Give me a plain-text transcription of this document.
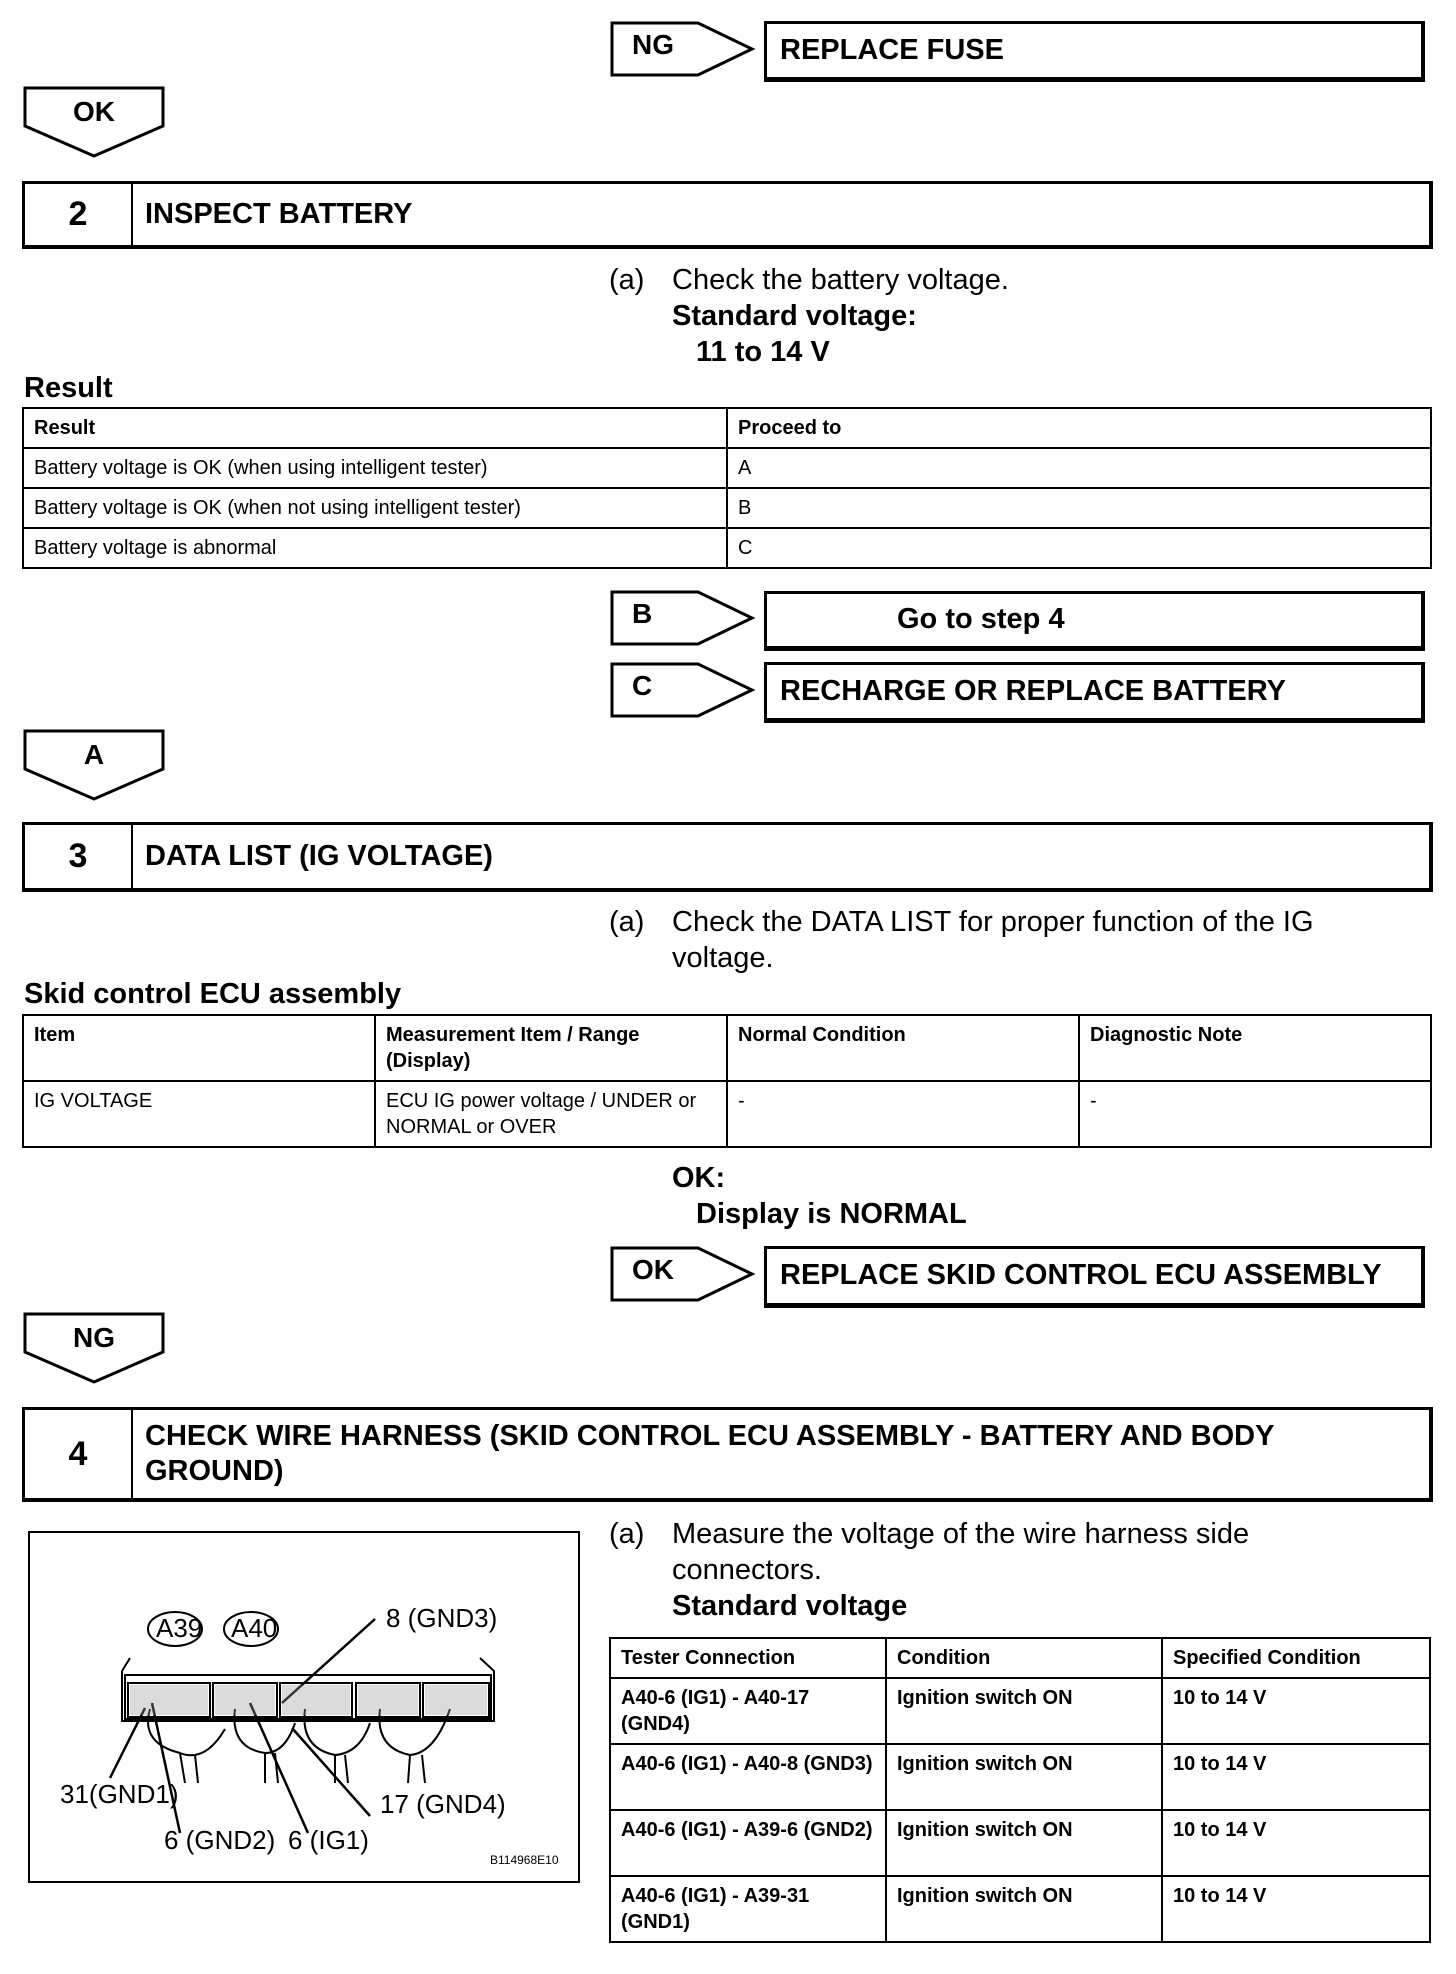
NG	REPLACE FUSE
OK
2	INSPECT BATTERY
(a) Check the battery voltage.
Standard voltage:
11 to 14 V
Result
Result	Proceed to
Battery voltage is OK (when using intelligent tester)	A
Battery voltage is OK (when not using intelligent tester)	B
Battery voltage is abnormal	C
B	Go to step 4
C	RECHARGE OR REPLACE BATTERY
A
3	DATA LIST (IG VOLTAGE)
(a) Check the DATA LIST for proper function of the IG voltage.
Skid control ECU assembly
Item	Measurement Item / Range (Display)	Normal Condition	Diagnostic Note
IG VOLTAGE	ECU IG power voltage / UNDER or NORMAL or OVER	-	-
OK:
Display is NORMAL
OK	REPLACE SKID CONTROL ECU ASSEMBLY
NG
4	CHECK WIRE HARNESS (SKID CONTROL ECU ASSEMBLY - BATTERY AND BODY GROUND)
A39 A40	8 (GND3)
31(GND1)	17 (GND4)
6 (GND2) 6 (IG1)
B114968E10
(a) Measure the voltage of the wire harness side connectors.
Standard voltage
Tester Connection	Condition	Specified Condition
A40-6 (IG1) - A40-17 (GND4)	Ignition switch ON	10 to 14 V
A40-6 (IG1) - A40-8 (GND3)	Ignition switch ON	10 to 14 V
A40-6 (IG1) - A39-6 (GND2)	Ignition switch ON	10 to 14 V
A40-6 (IG1) - A39-31 (GND1)	Ignition switch ON	10 to 14 V
